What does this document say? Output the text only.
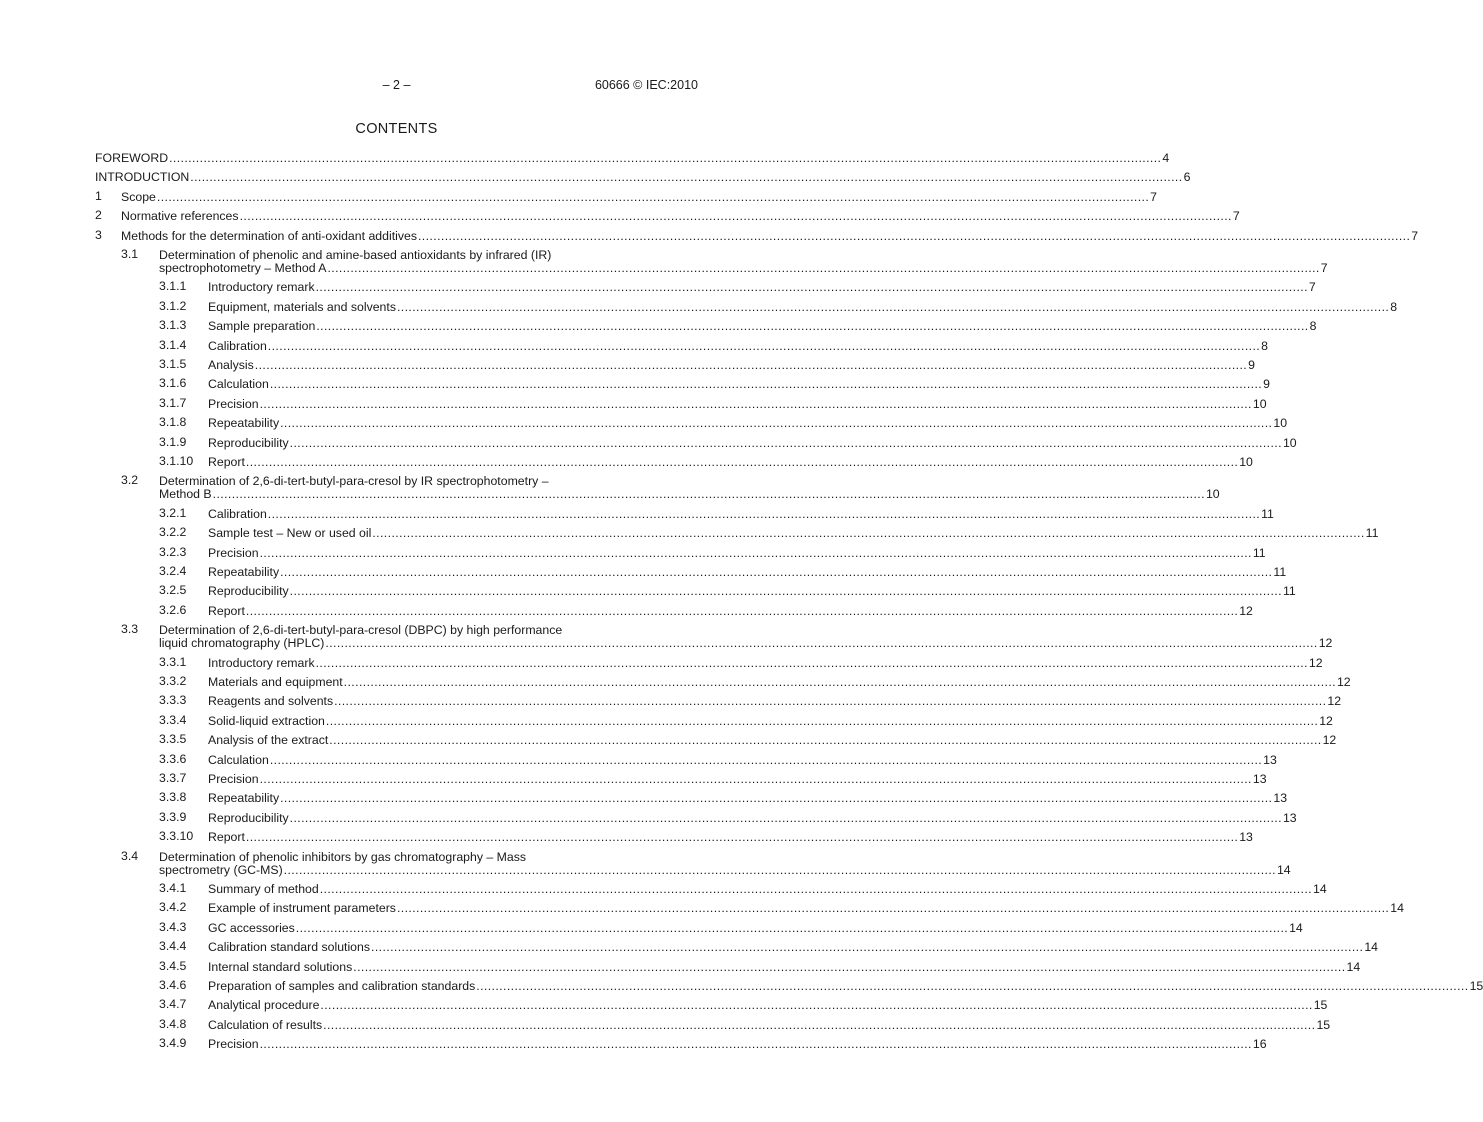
– 2 –	60666 © IEC:2010
CONTENTS
FOREWORD .................................................................................................................................................................................................................................................................... 4
INTRODUCTION .................................................................................................................................................................................................................................................................... 6
1 Scope .................................................................................................................................................................................................................................................................... 7
2 Normative references .................................................................................................................................................................................................................................................................... 7
3 Methods for the determination of anti-oxidant additives .................................................................................................................................................................................................................................................................... 7
3.1 Determination of phenolic and amine-based antioxidants by infrared (IR)
spectrophotometry – Method A .................................................................................................................................................................................................................................................................... 7
3.1.1 Introductory remark .................................................................................................................................................................................................................................................................... 7
3.1.2 Equipment, materials and solvents .................................................................................................................................................................................................................................................................... 8
3.1.3 Sample preparation .................................................................................................................................................................................................................................................................... 8
3.1.4 Calibration .................................................................................................................................................................................................................................................................... 8
3.1.5 Analysis .................................................................................................................................................................................................................................................................... 9
3.1.6 Calculation .................................................................................................................................................................................................................................................................... 9
3.1.7 Precision .................................................................................................................................................................................................................................................................... 10
3.1.8 Repeatability .................................................................................................................................................................................................................................................................... 10
3.1.9 Reproducibility .................................................................................................................................................................................................................................................................... 10
3.1.10 Report .................................................................................................................................................................................................................................................................... 10
3.2 Determination of 2,6-di-tert-butyl-para-cresol by IR spectrophotometry –
Method B .................................................................................................................................................................................................................................................................... 10
3.2.1 Calibration .................................................................................................................................................................................................................................................................... 11
3.2.2 Sample test – New or used oil .................................................................................................................................................................................................................................................................... 11
3.2.3 Precision .................................................................................................................................................................................................................................................................... 11
3.2.4 Repeatability .................................................................................................................................................................................................................................................................... 11
3.2.5 Reproducibility .................................................................................................................................................................................................................................................................... 11
3.2.6 Report .................................................................................................................................................................................................................................................................... 12
3.3 Determination of 2,6-di-tert-butyl-para-cresol (DBPC) by high performance
liquid chromatography (HPLC) .................................................................................................................................................................................................................................................................... 12
3.3.1 Introductory remark .................................................................................................................................................................................................................................................................... 12
3.3.2 Materials and equipment .................................................................................................................................................................................................................................................................... 12
3.3.3 Reagents and solvents .................................................................................................................................................................................................................................................................... 12
3.3.4 Solid-liquid extraction .................................................................................................................................................................................................................................................................... 12
3.3.5 Analysis of the extract .................................................................................................................................................................................................................................................................... 12
3.3.6 Calculation .................................................................................................................................................................................................................................................................... 13
3.3.7 Precision .................................................................................................................................................................................................................................................................... 13
3.3.8 Repeatability .................................................................................................................................................................................................................................................................... 13
3.3.9 Reproducibility .................................................................................................................................................................................................................................................................... 13
3.3.10 Report .................................................................................................................................................................................................................................................................... 13
3.4 Determination of phenolic inhibitors by gas chromatography – Mass
spectrometry (GC-MS) .................................................................................................................................................................................................................................................................... 14
3.4.1 Summary of method .................................................................................................................................................................................................................................................................... 14
3.4.2 Example of instrument parameters .................................................................................................................................................................................................................................................................... 14
3.4.3 GC accessories .................................................................................................................................................................................................................................................................... 14
3.4.4 Calibration standard solutions .................................................................................................................................................................................................................................................................... 14
3.4.5 Internal standard solutions .................................................................................................................................................................................................................................................................... 14
3.4.6 Preparation of samples and calibration standards .................................................................................................................................................................................................................................................................... 15
3.4.7 Analytical procedure .................................................................................................................................................................................................................................................................... 15
3.4.8 Calculation of results .................................................................................................................................................................................................................................................................... 15
3.4.9 Precision .................................................................................................................................................................................................................................................................... 16
